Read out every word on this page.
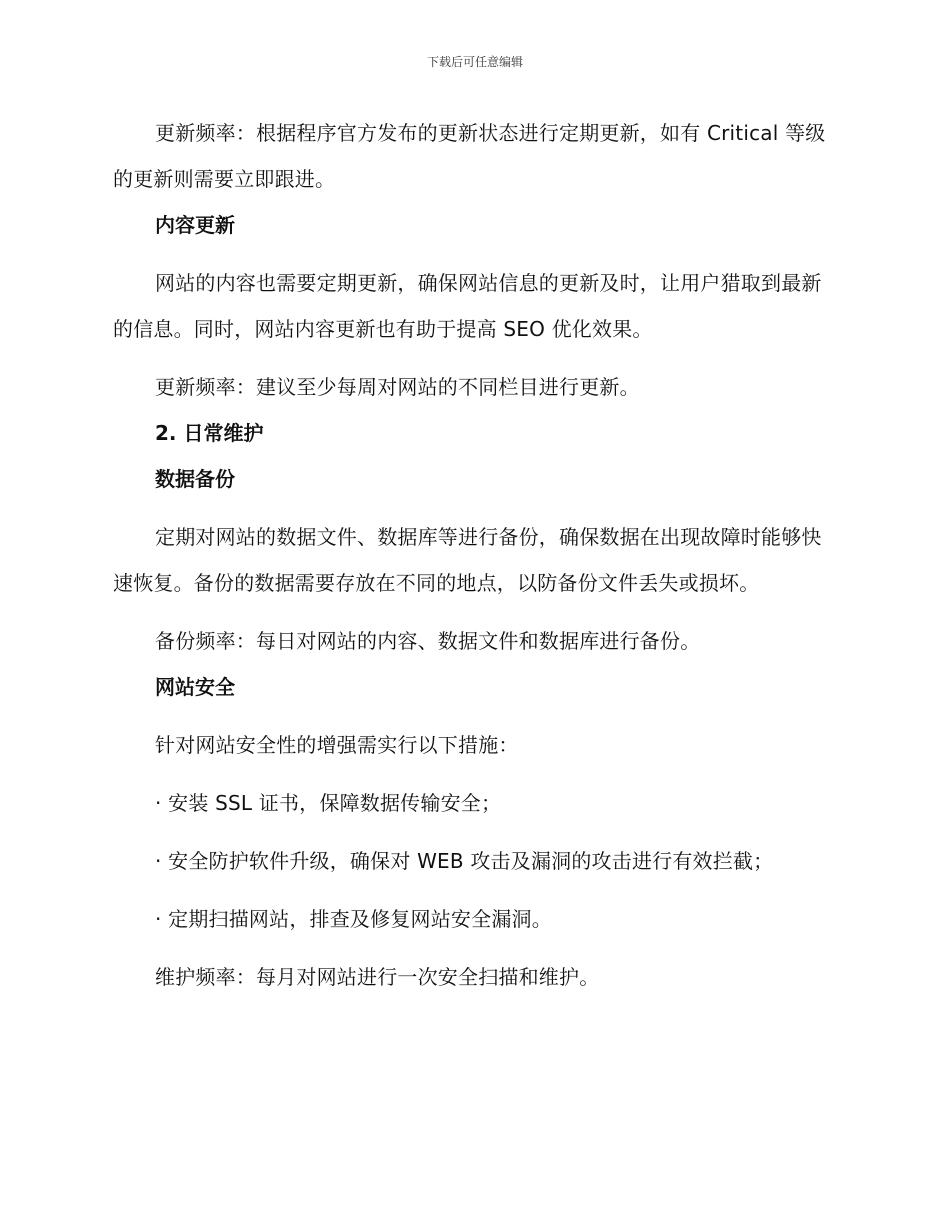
下载后可任意编辑

更新频率：根据程序官方发布的更新状态进行定期更新，如有 Critical 等级的更新则需要立即跟进。

内容更新

网站的内容也需要定期更新，确保网站信息的更新及时，让用户猎取到最新的信息。同时，网站内容更新也有助于提高 SEO 优化效果。

更新频率：建议至少每周对网站的不同栏目进行更新。

2. 日常维护

数据备份

定期对网站的数据文件、数据库等进行备份，确保数据在出现故障时能够快速恢复。备份的数据需要存放在不同的地点，以防备份文件丢失或损坏。

备份频率：每日对网站的内容、数据文件和数据库进行备份。

网站安全

针对网站安全性的增强需实行以下措施：

· 安装 SSL 证书，保障数据传输安全；

· 安全防护软件升级，确保对 WEB 攻击及漏洞的攻击进行有效拦截；

· 定期扫描网站，排查及修复网站安全漏洞。

维护频率：每月对网站进行一次安全扫描和维护。
